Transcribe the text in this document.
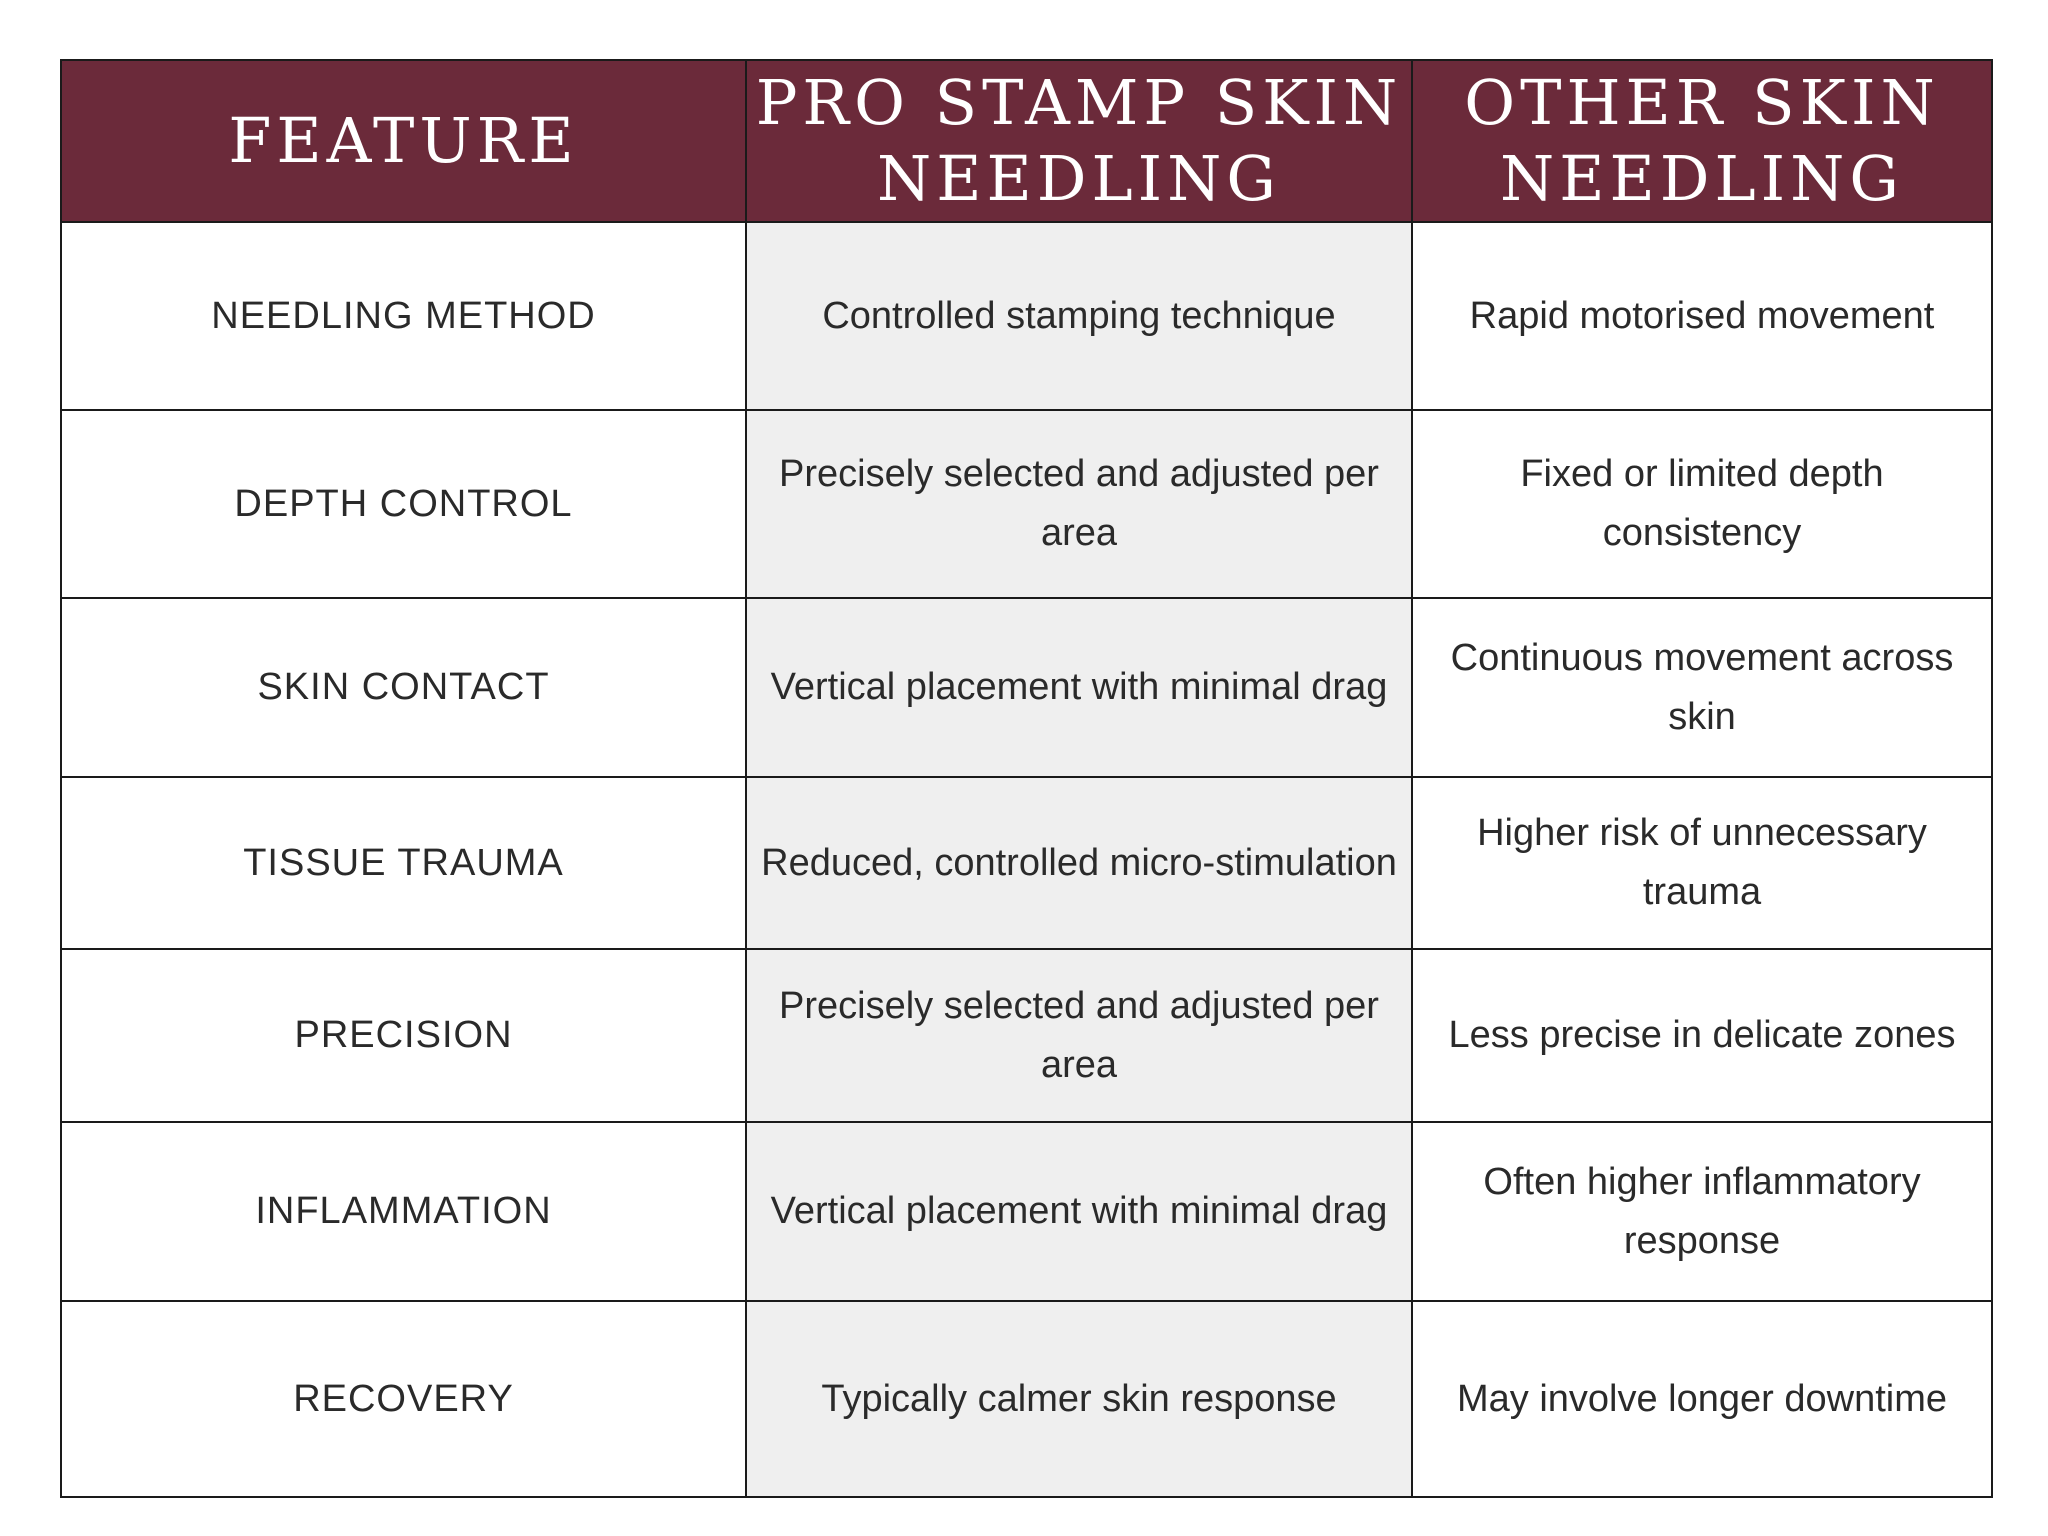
FEATURE	PRO STAMP SKIN NEEDLING	OTHER SKIN NEEDLING
NEEDLING METHOD	Controlled stamping technique	Rapid motorised movement
DEPTH CONTROL	Precisely selected and adjusted per area	Fixed or limited depth consistency
SKIN CONTACT	Vertical placement with minimal drag	Continuous movement across skin
TISSUE TRAUMA	Reduced, controlled micro-stimulation	Higher risk of unnecessary trauma
PRECISION	Precisely selected and adjusted per area	Less precise in delicate zones
INFLAMMATION	Vertical placement with minimal drag	Often higher inflammatory response
RECOVERY	Typically calmer skin response	May involve longer downtime
